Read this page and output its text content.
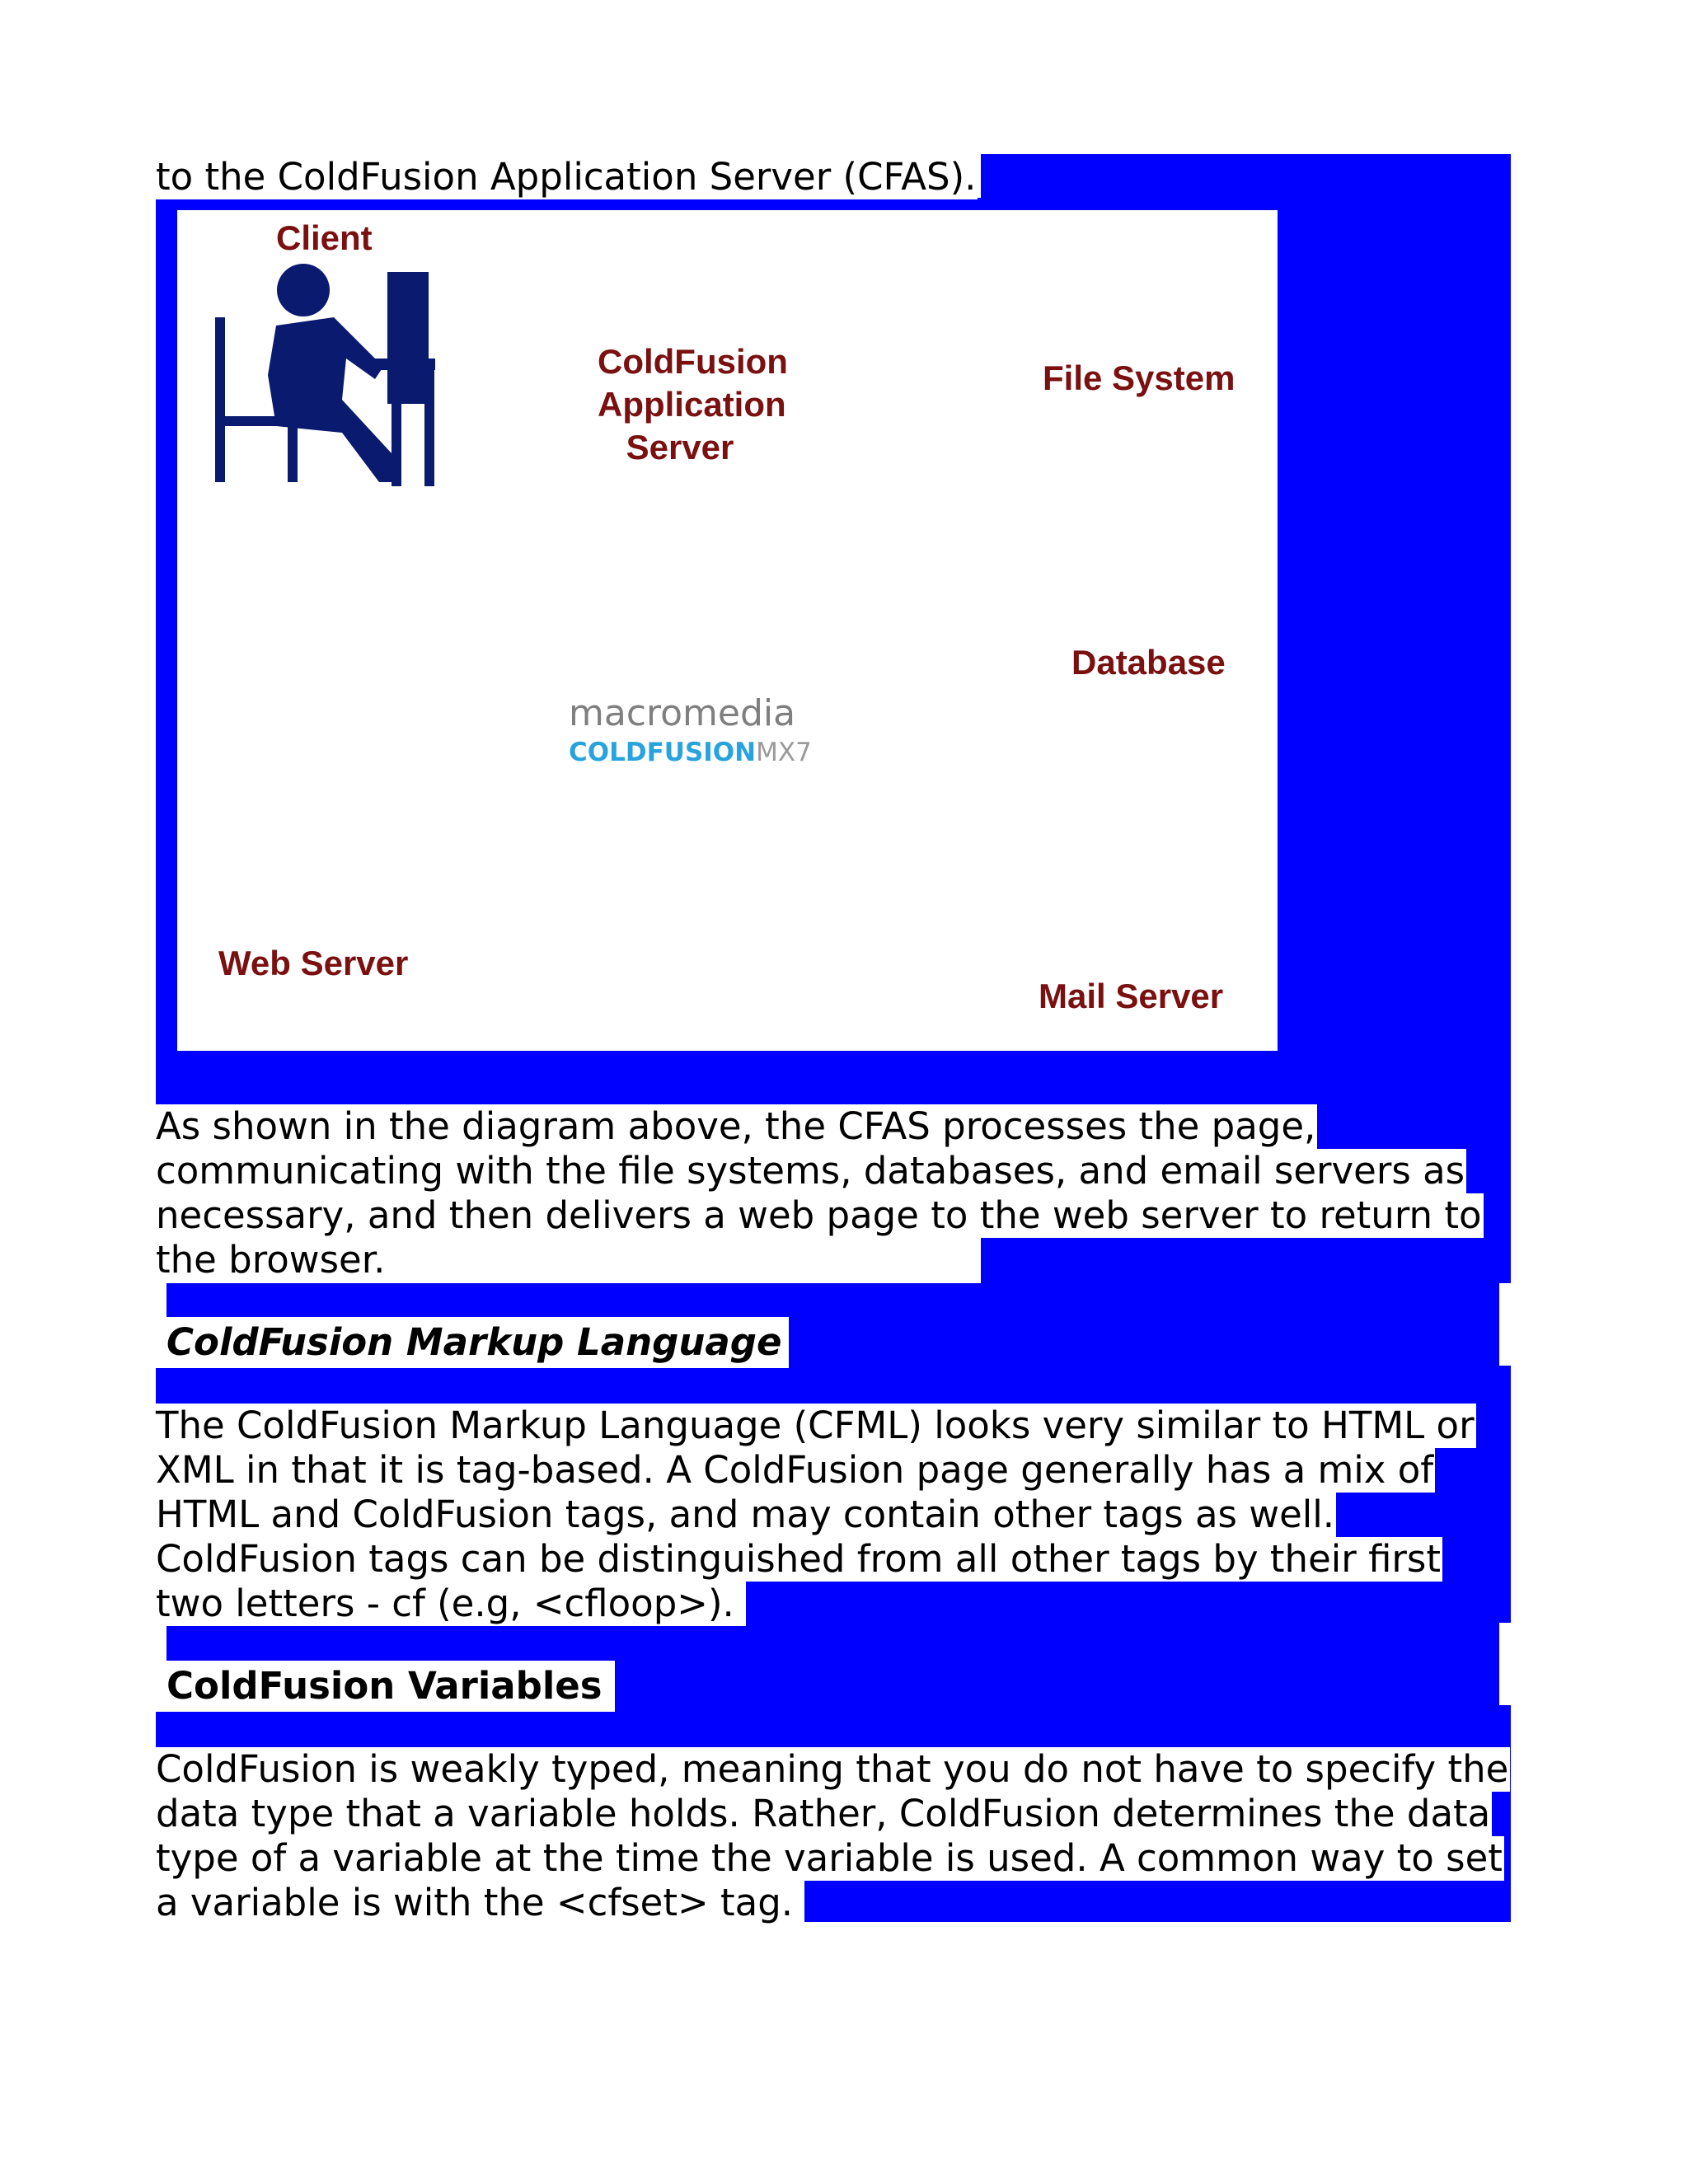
to the ColdFusion Application Server (CFAS).
Client
ColdFusion
Application
Server
File System
Database
Web Server
Mail Server
macromedia
COLDFUSIONMX7
As shown in the diagram above, the CFAS processes the page,
communicating with the file systems, databases, and email servers as
necessary, and then delivers a web page to the web server to return to
the browser.
ColdFusion Markup Language
The ColdFusion Markup Language (CFML) looks very similar to HTML or
XML in that it is tag-based. A ColdFusion page generally has a mix of
HTML and ColdFusion tags, and may contain other tags as well.
ColdFusion tags can be distinguished from all other tags by their first
two letters - cf (e.g, <cfloop>).
ColdFusion Variables
ColdFusion is weakly typed, meaning that you do not have to specify the
data type that a variable holds. Rather, ColdFusion determines the data
type of a variable at the time the variable is used. A common way to set
a variable is with the <cfset> tag.
